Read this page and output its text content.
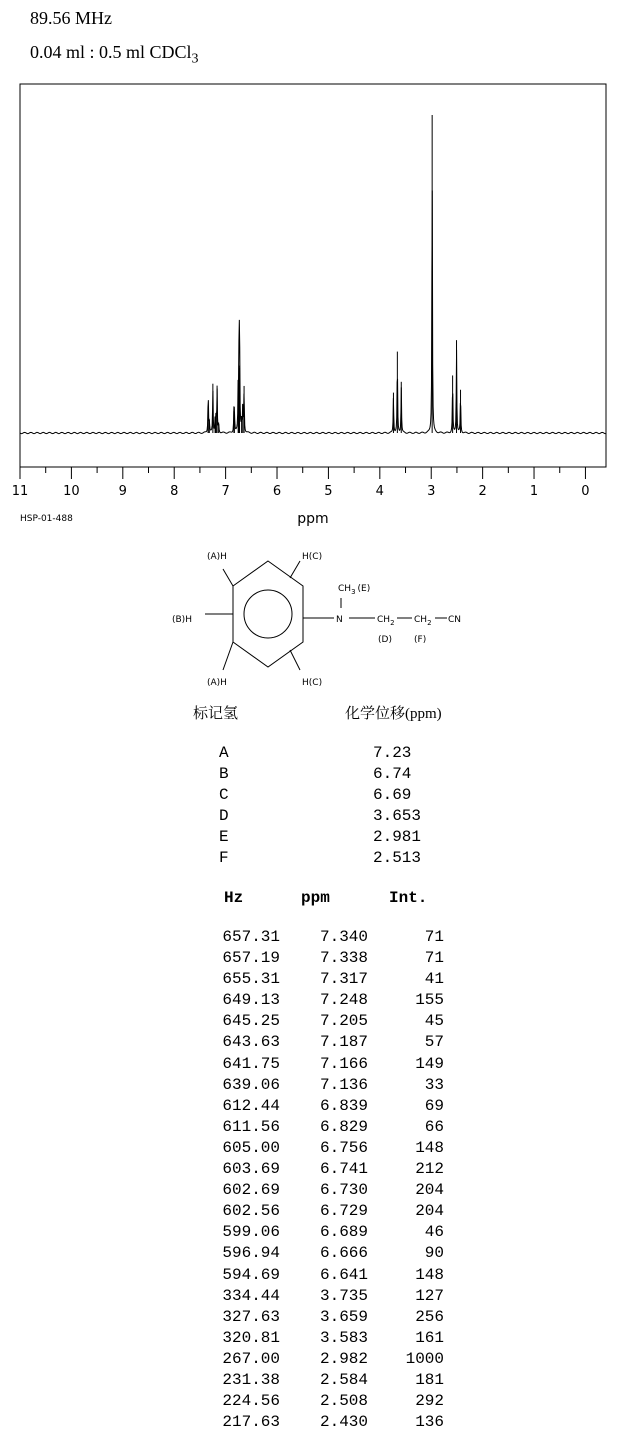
89.56 MHz
0.04 ml : 0.5 ml CDCl$_3$
11	10	9	8	7	6	5	4	3	2	1	0
ppm
HSP-01-488
(A)H	H(C)
(B)H
(A)H	H(C)
$CH_3$ (E)
N	$CH_2$ $CH_2$ CN
(D) (F)
标记氢	化学位移(ppm)
A	7.23
B	6.74
C	6.69
D	3.653
E	2.981
F	2.513
Hz	ppm	Int.
657.31	7.340	71
657.19	7.338	71
655.31	7.317	41
649.13	7.248	155
645.25	7.205	45
643.63	7.187	57
641.75	7.166	149
639.06	7.136	33
612.44	6.839	69
611.56	6.829	66
605.00	6.756	148
603.69	6.741	212
602.69	6.730	204
602.56	6.729	204
599.06	6.689	46
596.94	6.666	90
594.69	6.641	148
334.44	3.735	127
327.63	3.659	256
320.81	3.583	161
267.00	2.982	1000
231.38	2.584	181
224.56	2.508	292
217.63	2.430	136
